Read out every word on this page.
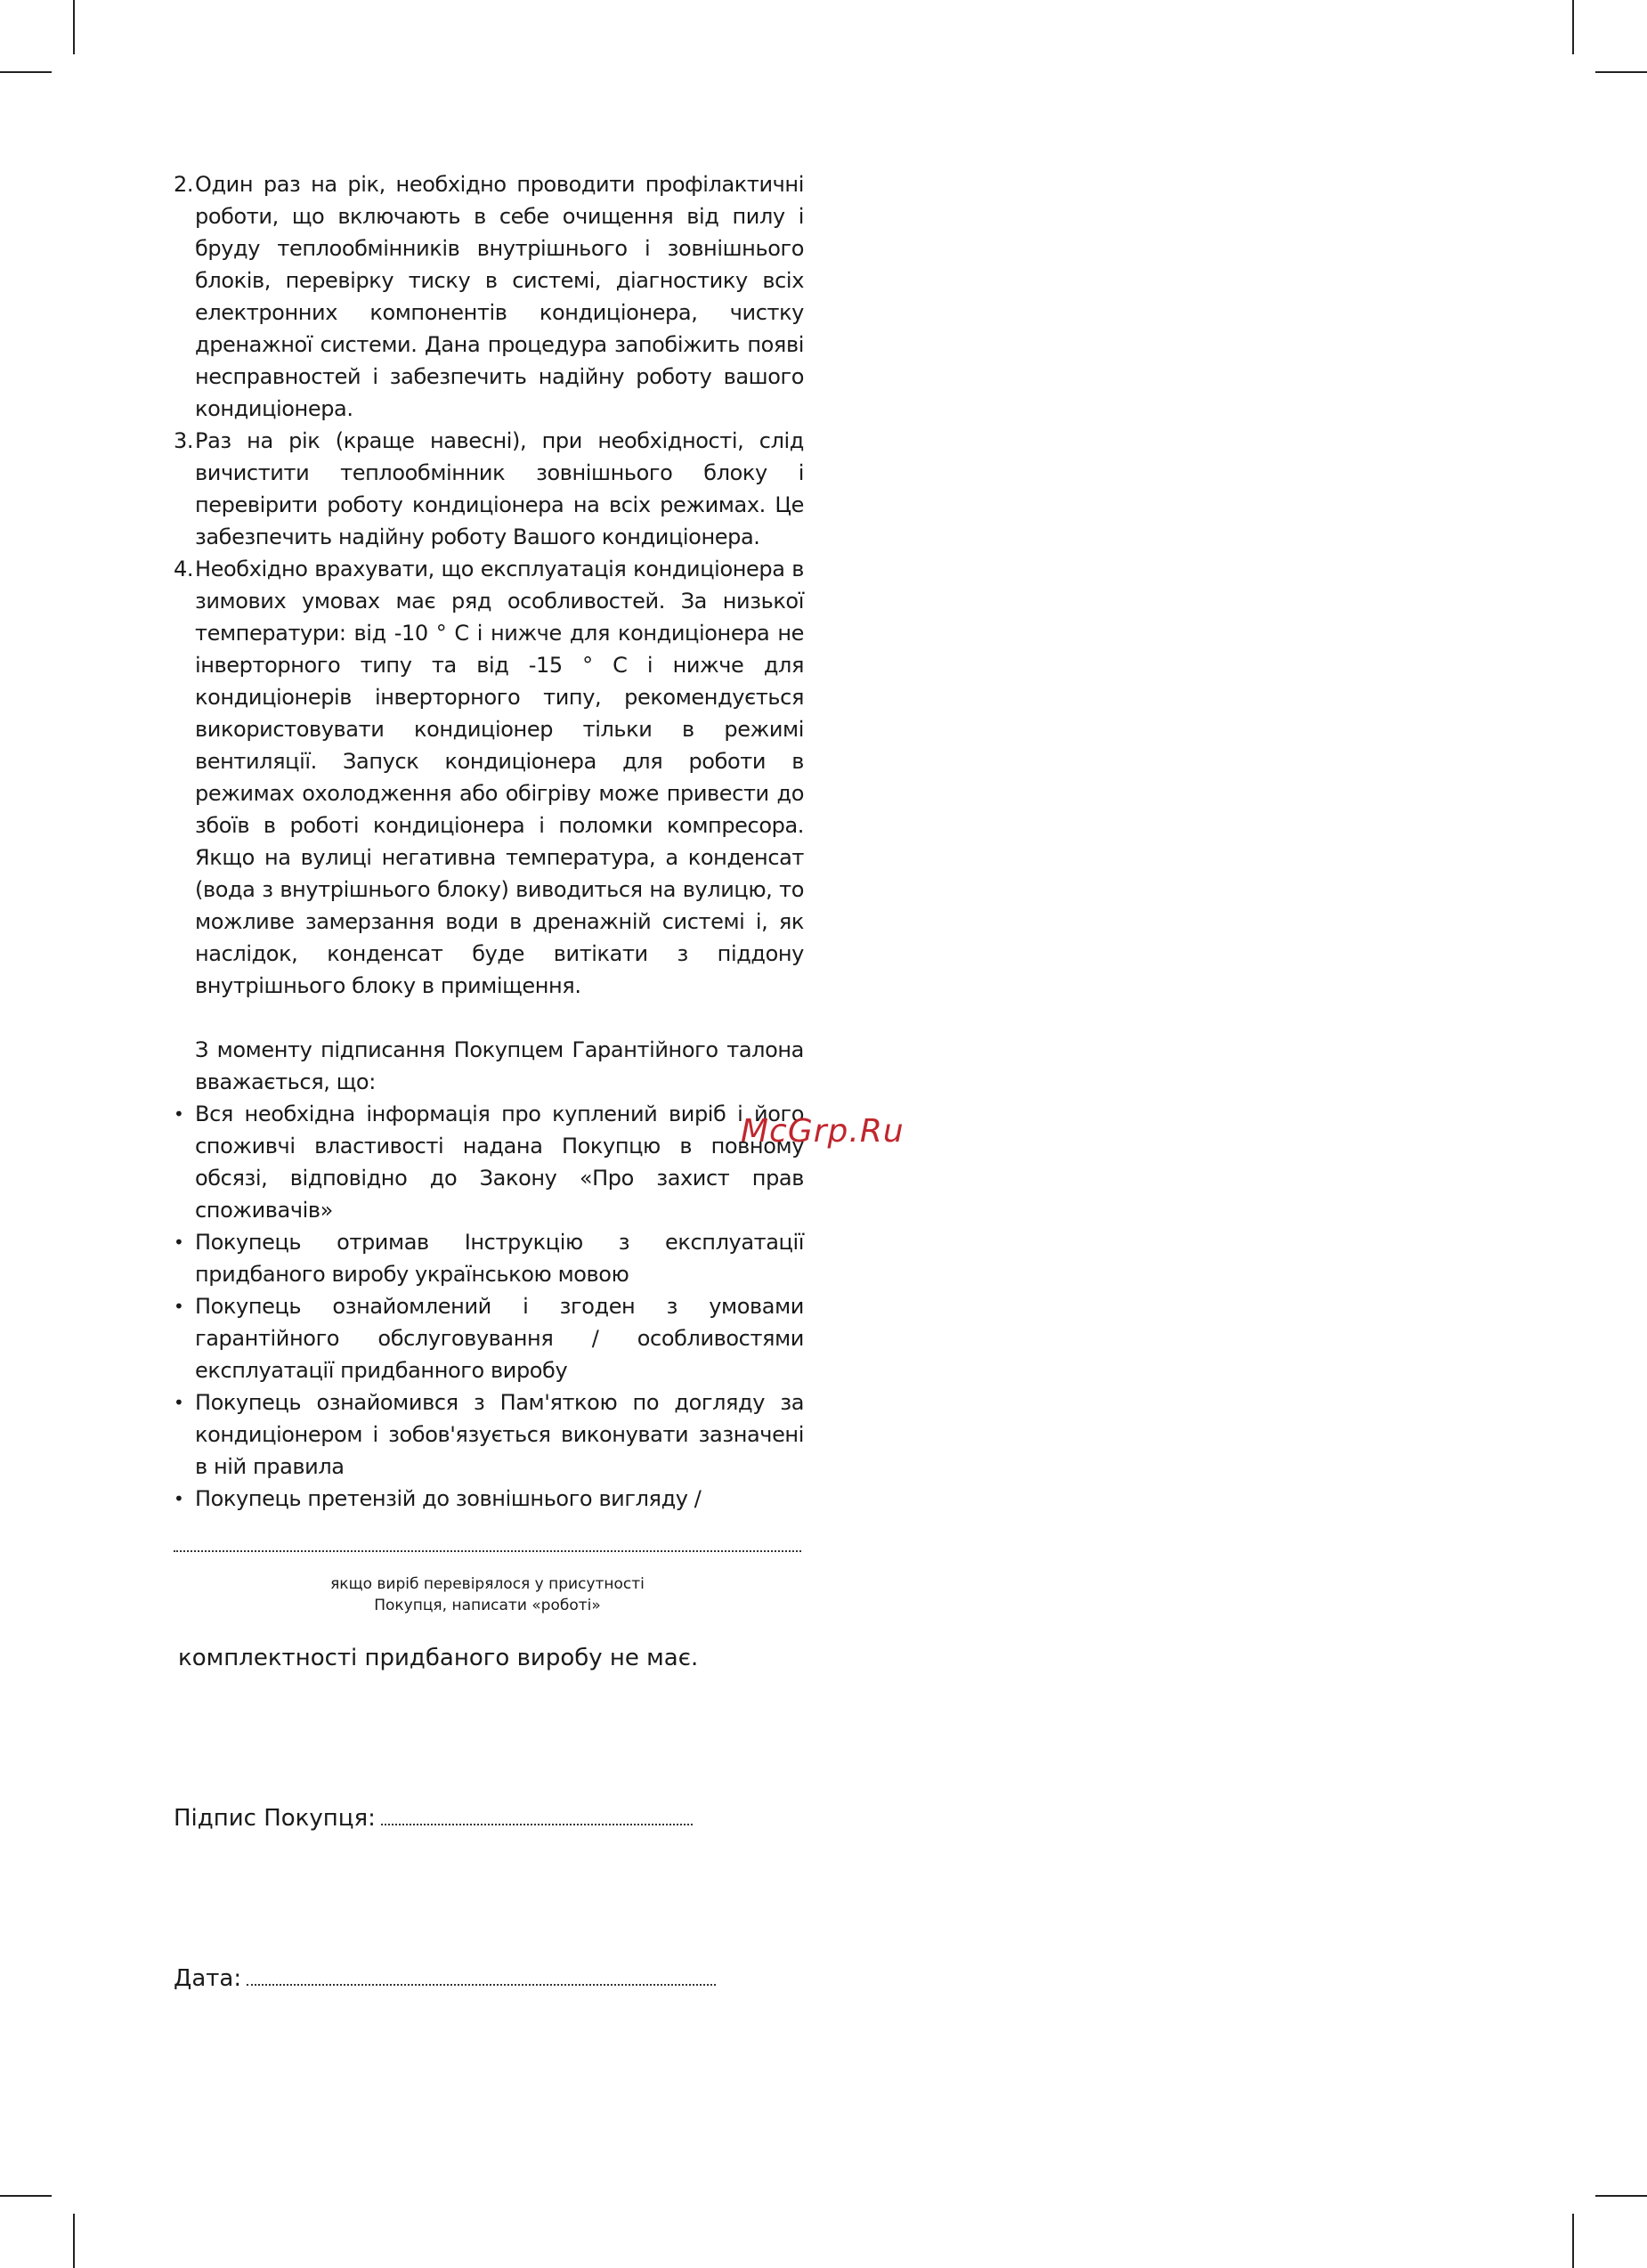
2. Один раз на рік, необхідно проводити профілактичні роботи, що включають в себе очищення від пилу і бруду теплообмінників внутрішнього і зовнішнього блоків, перевірку тиску в системі, діагностику всіх електронних компонентів кондиціонера, чистку дренажної системи. Дана процедура запобіжить появі несправностей і забезпечить надійну роботу вашого кондиціонера.
3. Раз на рік (краще навесні), при необхідності, слід вичистити теплообмінник зовнішнього блоку і перевірити роботу кондиціонера на всіх режимах. Це забезпечить надійну роботу Вашого кондиціонера.
4. Необхідно врахувати, що експлуатація кондиціонера в зимових умовах має ряд особливостей. За низької температури: від -10 ° C і нижче для кондиціонера не інверторного типу та від -15 ° C і нижче для кондиціонерів інверторного типу, рекомендується використовувати кондиціонер тільки в режимі вентиляції. Запуск кондиціонера для роботи в режимах охолодження або обігріву може привести до збоїв в роботі кондиціонера і поломки компресора. Якщо на вулиці негативна температура, а конденсат (вода з внутрішнього блоку) виводиться на вулицю, то можливе замерзання води в дренажній системі і, як наслідок, конденсат буде витікати з піддону внутрішнього блоку в приміщення.
З моменту підписання Покупцем Гарантійного талона вважається, що:
• Вся необхідна інформація про куплений виріб і його споживчі властивості надана Покупцю в повному обсязі, відповідно до Закону «Про захист прав споживачів»
• Покупець отримав Інструкцію з експлуатації придбаного виробу українською мовою
• Покупець ознайомлений і згоден з умовами гарантійного обслуговування / особливостями експлуатації придбанного виробу
• Покупець ознайомився з Пам'яткою по догляду за кондиціонером і зобов'язується виконувати зазначені в ній правила
• Покупець претензій до зовнішнього вигляду /
якщо виріб перевірялося у присутності
Покупця, написати «роботі»
комплектності придбаного виробу не має.
Підпис Покупця:
Дата:
McGrp.Ru
